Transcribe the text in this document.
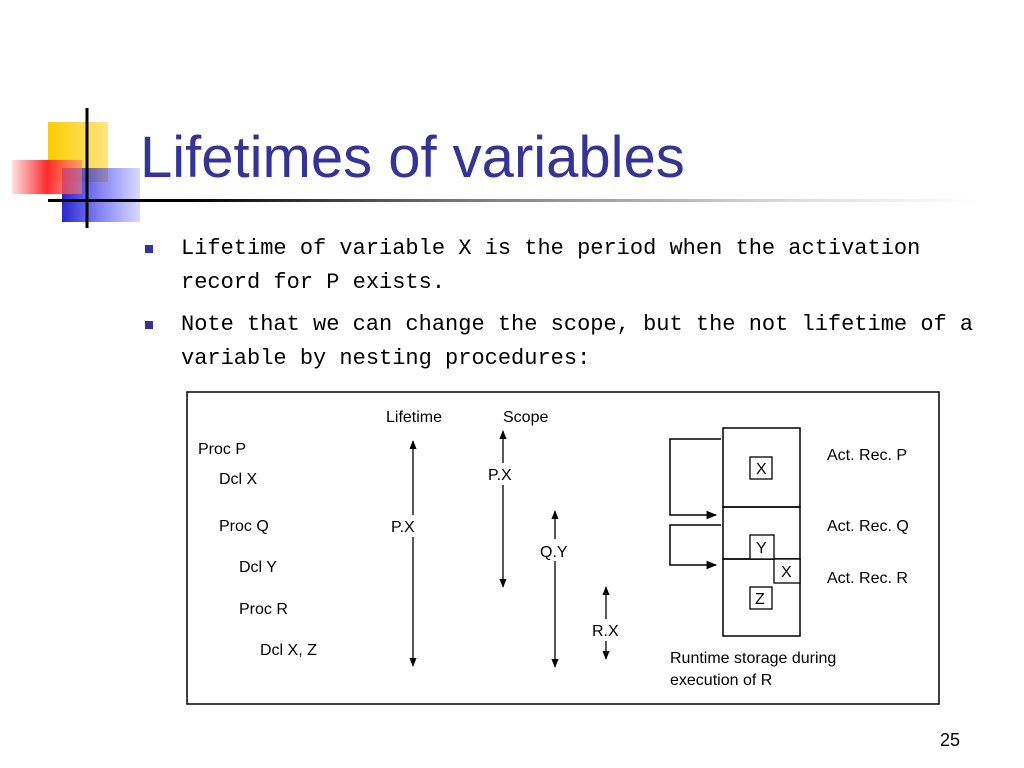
Lifetimes of variables
Lifetime of variable X is the period when the activation record for P exists.
Note that we can change the scope, but the not lifetime of a variable by nesting procedures:
Proc P
Dcl X
Proc Q
Dcl Y
Proc R
Dcl X, Z
Lifetime	Scope
P.X
P.X
Q.Y
R.X
X
Y
X
Z
Act. Rec. P
Act. Rec. Q
Act. Rec. R
Runtime storage during
execution of R
25
